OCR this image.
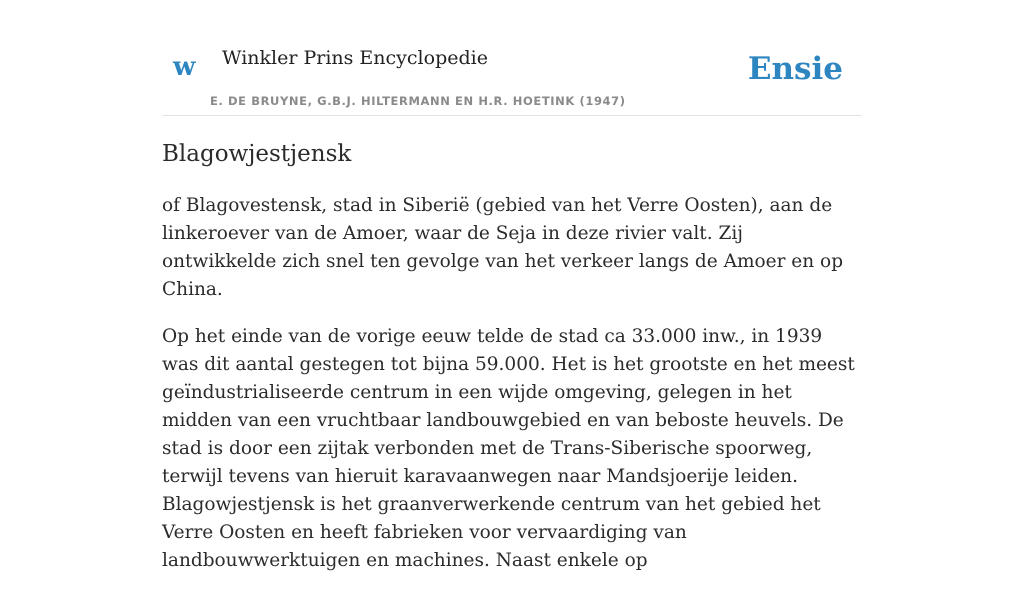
w Winkler Prins Encyclopedie
E. DE BRUYNE, G.B.J. HILTERMANN EN H.R. HOETINK (1947)
Ensie
Blagowjestjensk

of Blagovestensk, stad in Siberië (gebied van het Verre Oosten), aan de linkeroever van de Amoer, waar de Seja in deze rivier valt. Zij ontwikkelde zich snel ten gevolge van het verkeer langs de Amoer en op China.

Op het einde van de vorige eeuw telde de stad ca 33.000 inw., in 1939 was dit aantal gestegen tot bijna 59.000. Het is het grootste en het meest geïndustrialiseerde centrum in een wijde omgeving, gelegen in het midden van een vruchtbaar landbouwgebied en van beboste heuvels. De stad is door een zijtak verbonden met de Trans-Siberische spoorweg, terwijl tevens van hieruit karavaanwegen naar Mandsjoerije leiden. Blagowjestjensk is het graanverwerkende centrum van het gebied het Verre Oosten en heeft fabrieken voor vervaardiging van landbouwwerktuigen en machines. Naast enkele op
